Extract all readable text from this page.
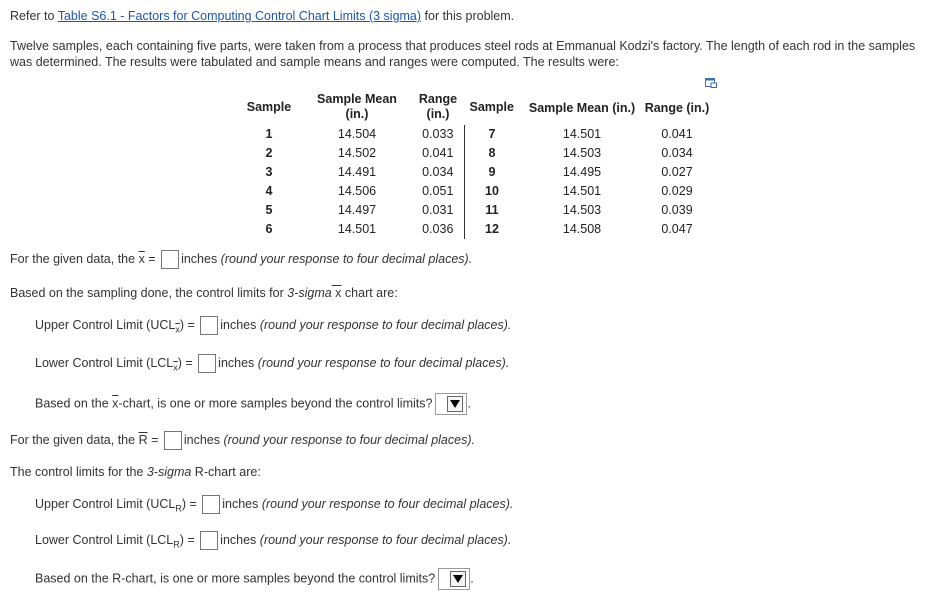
Refer to Table S6.1 - Factors for Computing Control Chart Limits (3 sigma) for this problem.
Twelve samples, each containing five parts, were taken from a process that produces steel rods at Emmanual Kodzi's factory. The length of each rod in the samples was determined. The results were tabulated and sample means and ranges were computed. The results were:
Sample	Sample Mean (in.)	Range (in.)	Sample	Sample Mean (in.)	Range (in.)
1	14.504	0.033	7	14.501	0.041
2	14.502	0.041	8	14.503	0.034
3	14.491	0.034	9	14.495	0.027
4	14.506	0.051	10	14.501	0.029
5	14.497	0.031	11	14.503	0.039
6	14.501	0.036	12	14.508	0.047
For the given data, the $\overline{x}$ = inches (round your response to four decimal places).
Based on the sampling done, the control limits for 3-sigma x chart are:
Upper Control Limit $(UCL_{\overline{x}})$ = inches (round your response to four decimal places).
Lower Control Limit $(LCL_{\overline{x}})$ = inches (round your response to four decimal places).
Based on the $\overline{x}$-chart, is one or more samples beyond the control limits?	.
For the given data, the $\overline{R}$ = inches (round your response to four decimal places).
The control limits for the 3-sigma R-chart are:
Upper Control Limit $(UCL_R)$ = inches (round your response to four decimal places).
Lower Control Limit $(LCL_R)$ = inches (round your response to four decimal places).
Based on the R-chart, is one or more samples beyond the control limits?	.
